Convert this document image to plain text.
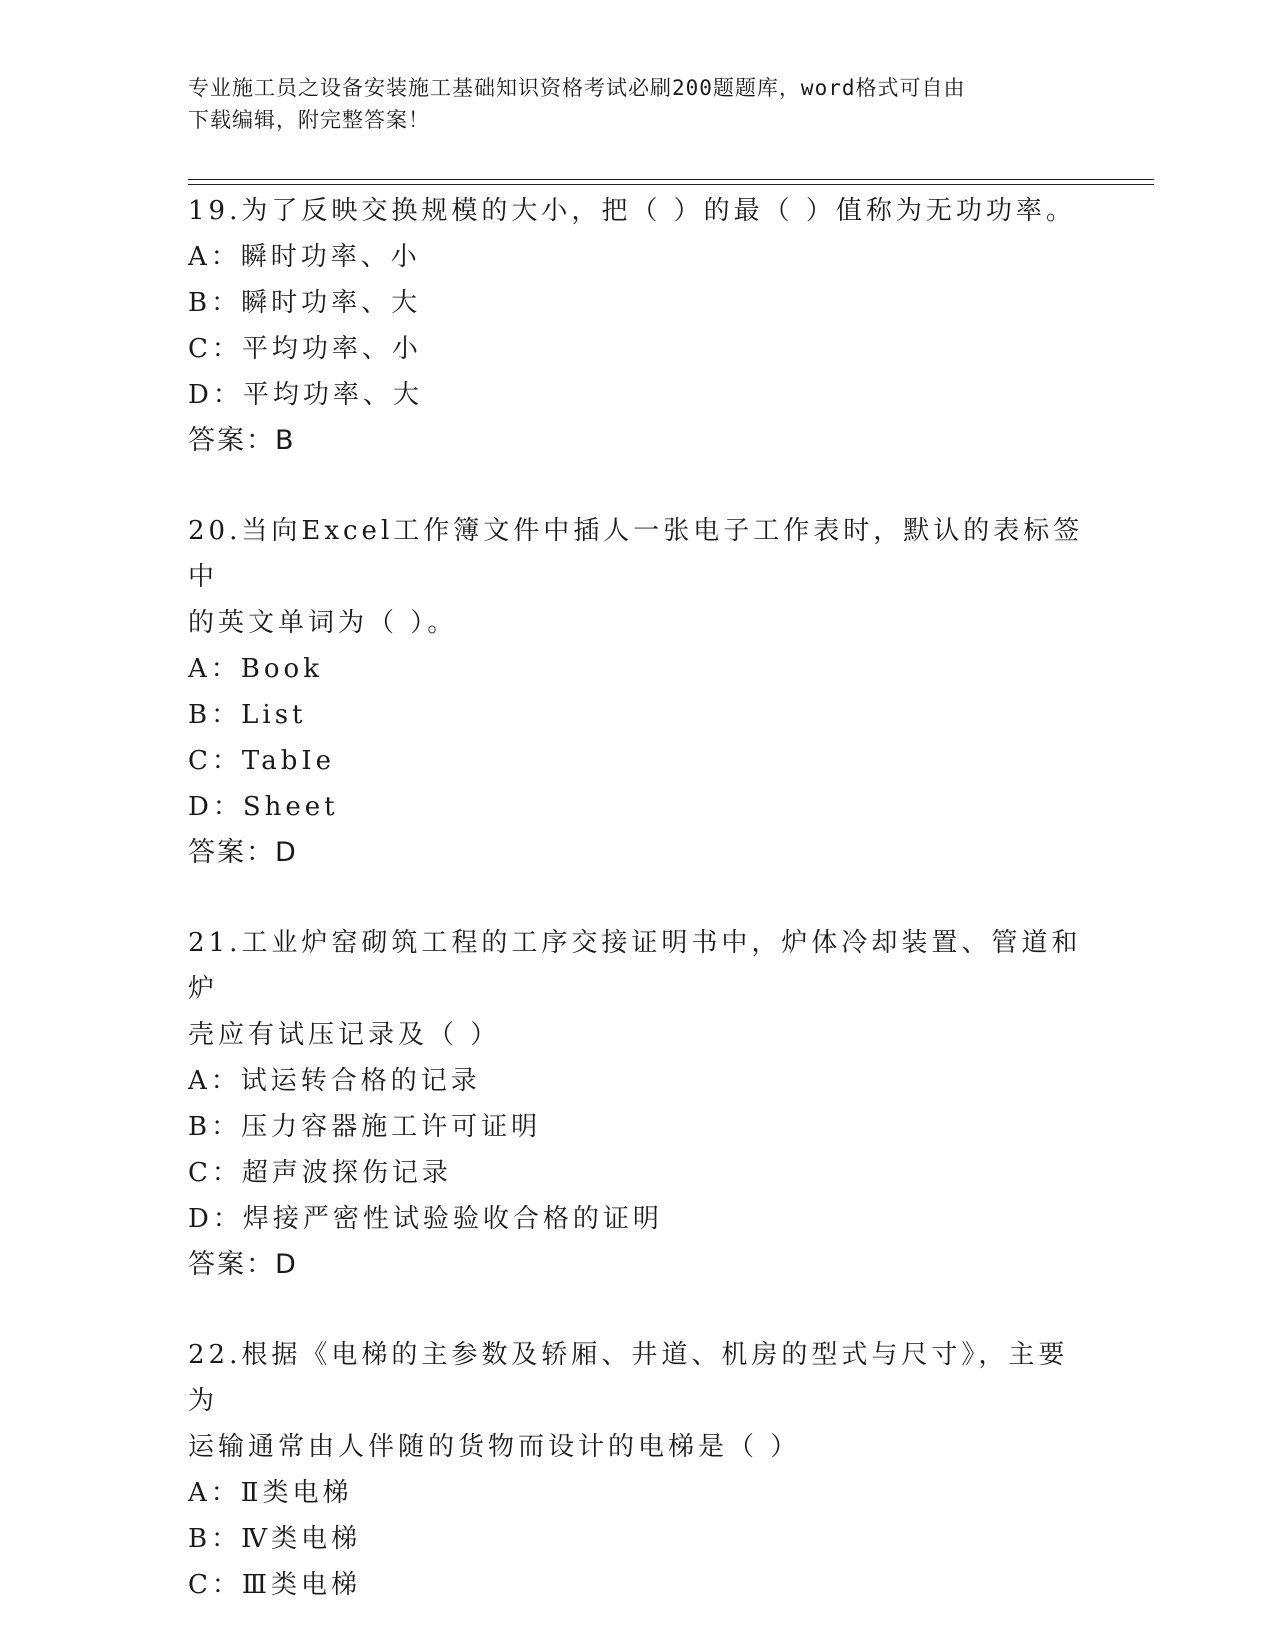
专业施工员之设备安装施工基础知识资格考试必刷200题题库，word格式可自由
下载编辑，附完整答案！
19.为了反映交换规模的大小，把（ ）的最（ ）值称为无功功率。
A：瞬时功率、小
B：瞬时功率、大
C：平均功率、小
D：平均功率、大
答案：B
20.当向Excel工作簿文件中插人一张电子工作表时，默认的表标签中
的英文单词为（ ）。
A：Book
B：List
C：TabIe
D：Sheet
答案：D
21.工业炉窑砌筑工程的工序交接证明书中，炉体冷却装置、管道和炉
壳应有试压记录及（ ）
A：试运转合格的记录
B：压力容器施工许可证明
C：超声波探伤记录
D：焊接严密性试验验收合格的证明
答案：D
22.根据《电梯的主参数及轿厢、井道、机房的型式与尺寸》，主要为
运输通常由人伴随的货物而设计的电梯是（ ）
A：Ⅱ类电梯
B：Ⅳ类电梯
C：Ⅲ类电梯
